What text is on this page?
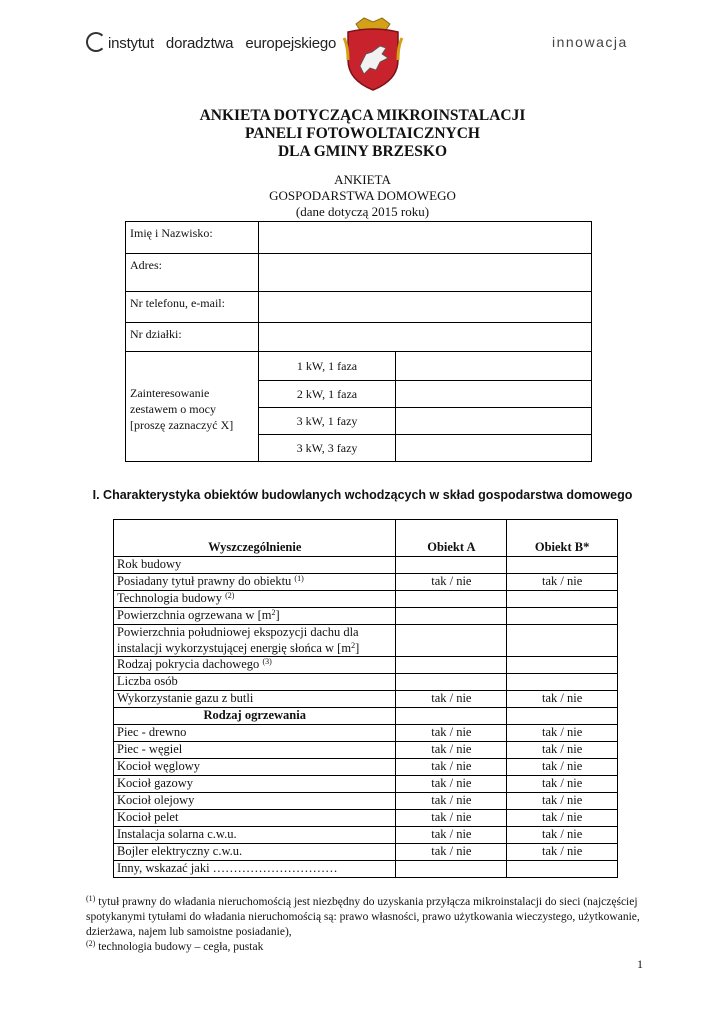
instytut doradztwa europejskiego	innowacja
ANKIETA DOTYCZĄCA MIKROINSTALACJI
PANELI FOTOWOLTAICZNYCH
DLA GMINY BRZESKO
ANKIETA
GOSPODARSTWA DOMOWEGO
(dane dotyczą 2015 roku)
Imię i Nazwisko:		
Adres:		
Nr telefonu, e-mail:		
Nr działki:		
Zainteresowanie zestawem o mocy [proszę zaznaczyć X]	1 kW, 1 faza	
	2 kW, 1 faza	
	3 kW, 1 fazy	
	3 kW, 3 fazy	
I. Charakterystyka obiektów budowlanych wchodzących w skład gospodarstwa domowego
Wyszczególnienie	Obiekt A	Obiekt B*
Rok budowy		
Posiadany tytuł prawny do obiektu $^{(1)}$	tak / nie	tak / nie
Technologia budowy $^{(2)}$		
Powierzchnia ogrzewana w $[m^2]$		
Powierzchnia południowej ekspozycji dachu dla instalacji wykorzystującej energię słońca w $[m^2]$		
Rodzaj pokrycia dachowego $^{(3)}$		
Liczba osób		
Wykorzystanie gazu z butli	tak / nie	tak / nie
Rodzaj ogrzewania		
Piec - drewno	tak / nie	tak / nie
Piec - węgiel	tak / nie	tak / nie
Kocioł węglowy	tak / nie	tak / nie
Kocioł gazowy	tak / nie	tak / nie
Kocioł olejowy	tak / nie	tak / nie
Kocioł pelet	tak / nie	tak / nie
Instalacja solarna c.w.u.	tak / nie	tak / nie
Bojler elektryczny c.w.u.	tak / nie	tak / nie
Inny, wskazać jaki …………………………		
$^{(1)}$ tytuł prawny do władania nieruchomością jest niezbędny do uzyskania przyłącza mikroinstalacji do sieci (najczęściej spotykanymi tytułami do władania nieruchomością są: prawo własności, prawo użytkowania wieczystego, użytkowanie, dzierżawa, najem lub samoistne posiadanie),
$^{(2)}$ technologia budowy – cegła, pustak
1
